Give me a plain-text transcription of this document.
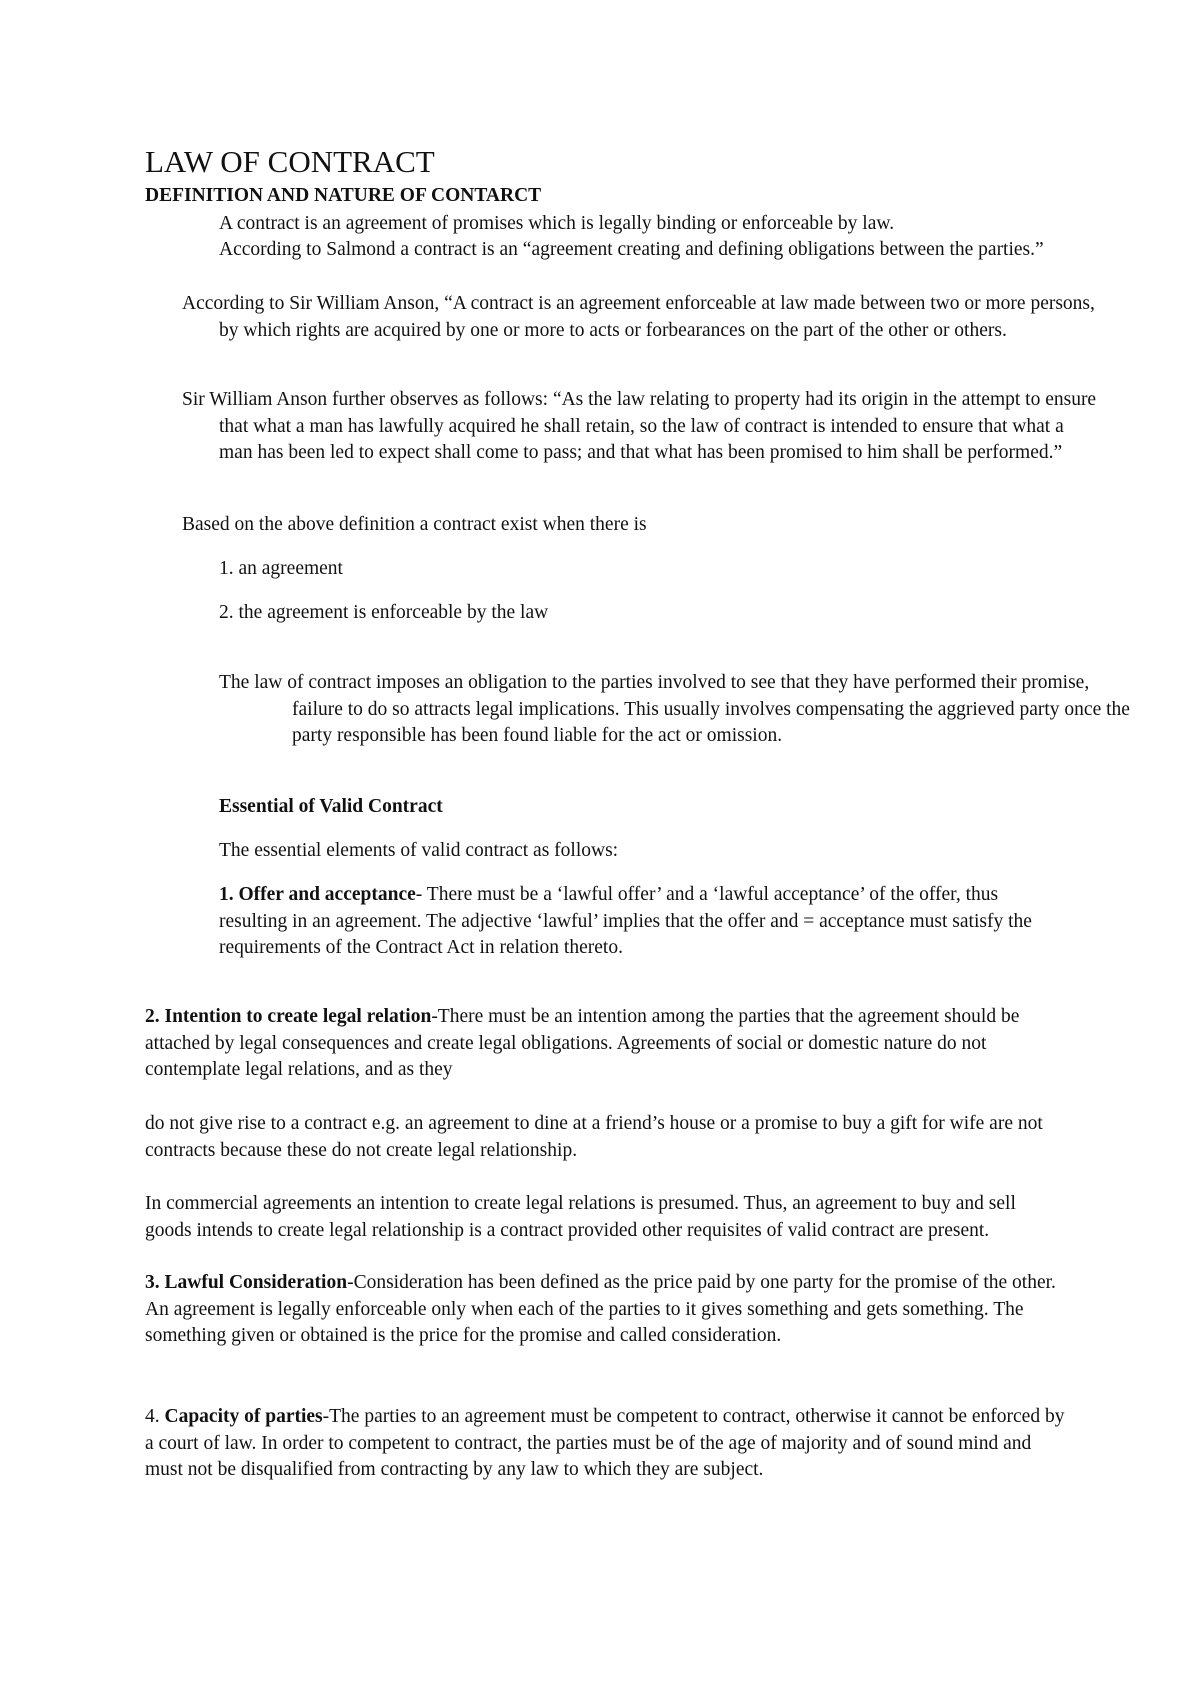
LAW OF CONTRACT
DEFINITION AND NATURE OF CONTARCT

A contract is an agreement of promises which is legally binding or enforceable by law.

According to Salmond a contract is an “agreement creating and defining obligations between the parties.”

According to Sir William Anson, “A contract is an agreement enforceable at law made between two or more persons, by which rights are acquired by one or more to acts or forbearances on the part of the other or others.

Sir William Anson further observes as follows: “As the law relating to property had its origin in the attempt to ensure that what a man has lawfully acquired he shall retain, so the law of contract is intended to ensure that what a man has been led to expect shall come to pass; and that what has been promised to him shall be performed.”

Based on the above definition a contract exist when there is

1. an agreement

2. the agreement is enforceable by the law

The law of contract imposes an obligation to the parties involved to see that they have performed their promise, failure to do so attracts legal implications. This usually involves compensating the aggrieved party once the party responsible has been found liable for the act or omission.

Essential of Valid Contract

The essential elements of valid contract as follows:

1. Offer and acceptance- There must be a ‘lawful offer’ and a ‘lawful acceptance’ of the offer, thus resulting in an agreement. The adjective ‘lawful’ implies that the offer and = acceptance must satisfy the requirements of the Contract Act in relation thereto.

2. Intention to create legal relation-There must be an intention among the parties that the agreement should be attached by legal consequences and create legal obligations. Agreements of social or domestic nature do not contemplate legal relations, and as they

do not give rise to a contract e.g. an agreement to dine at a friend’s house or a promise to buy a gift for wife are not contracts because these do not create legal relationship.

In commercial agreements an intention to create legal relations is presumed. Thus, an agreement to buy and sell goods intends to create legal relationship is a contract provided other requisites of valid contract are present.

3. Lawful Consideration-Consideration has been defined as the price paid by one party for the promise of the other. An agreement is legally enforceable only when each of the parties to it gives something and gets something. The something given or obtained is the price for the promise and called consideration.

4. Capacity of parties-The parties to an agreement must be competent to contract, otherwise it cannot be enforced by a court of law. In order to competent to contract, the parties must be of the age of majority and of sound mind and must not be disqualified from contracting by any law to which they are subject.
